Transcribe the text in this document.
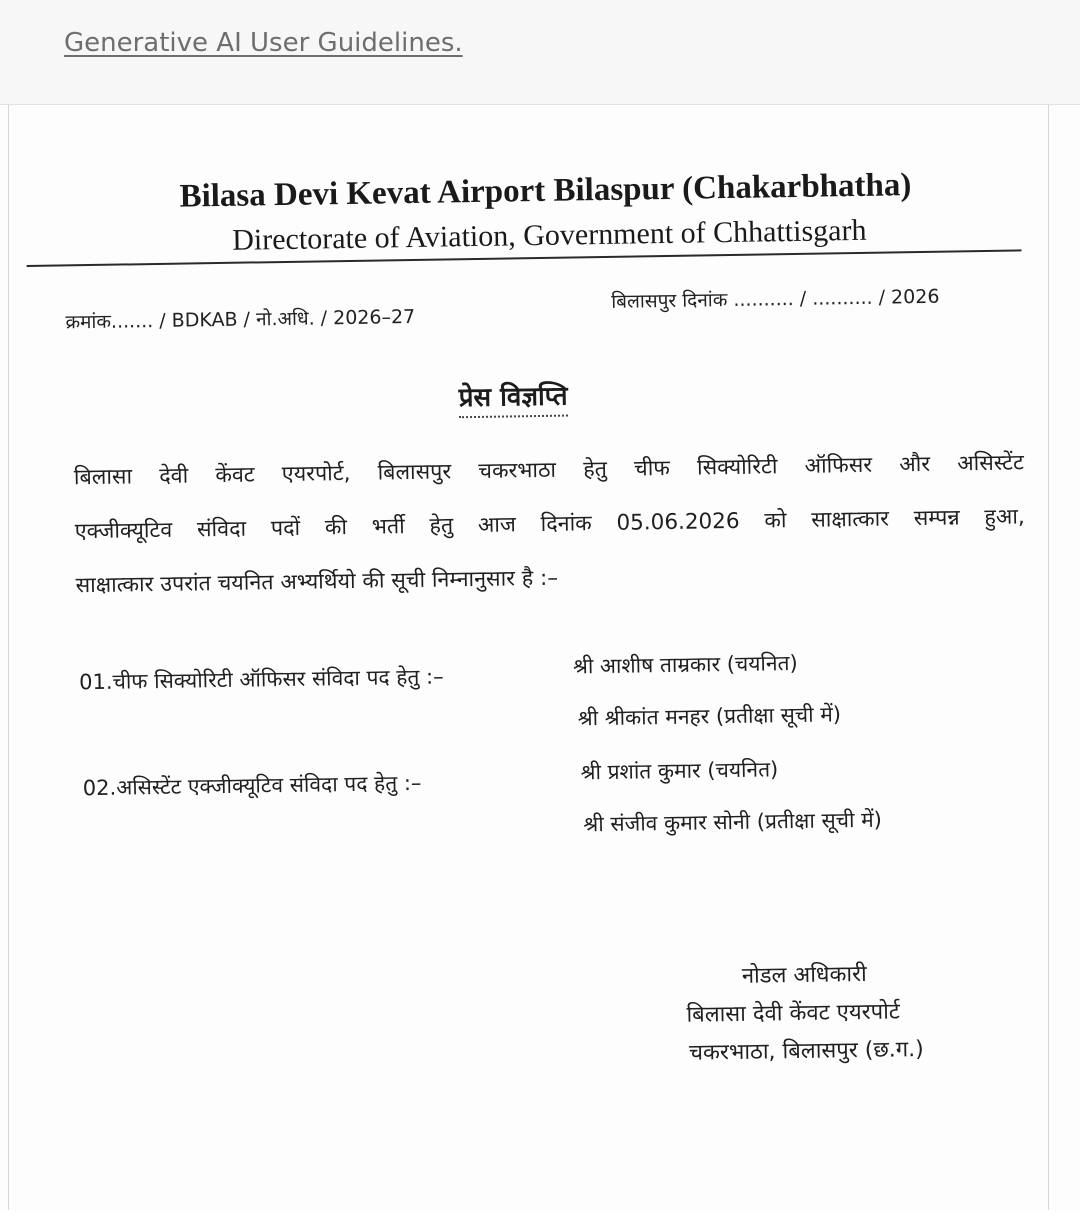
Generative AI User Guidelines.
Bilasa Devi Kevat Airport Bilaspur (Chakarbhatha)
Directorate of Aviation, Government of Chhattisgarh
क्रमांक....... / BDKAB / नो.अधि. / 2026–27
बिलासपुर दिनांक .......... / .......... / 2026
प्रेस विज्ञप्ति
बिलासा देवी केंवट एयरपोर्ट, बिलासपुर चकरभाठा हेतु चीफ सिक्योरिटी ऑफिसर और असिस्टेंट
एक्जीक्यूटिव संविदा पदों की भर्ती हेतु आज दिनांक 05.06.2026 को साक्षात्कार सम्पन्न हुआ,
साक्षात्कार उपरांत चयनित अभ्यर्थियो की सूची निम्नानुसार है :–
01.चीफ सिक्योरिटी ऑफिसर संविदा पद हेतु :–	श्री आशीष ताम्रकार (चयनित)
श्री श्रीकांत मनहर (प्रतीक्षा सूची में)
02.असिस्टेंट एक्जीक्यूटिव संविदा पद हेतु :–
श्री प्रशांत कुमार (चयनित)
श्री संजीव कुमार सोनी (प्रतीक्षा सूची में)
नोडल अधिकारी
बिलासा देवी केंवट एयरपोर्ट
चकरभाठा, बिलासपुर (छ.ग.)
